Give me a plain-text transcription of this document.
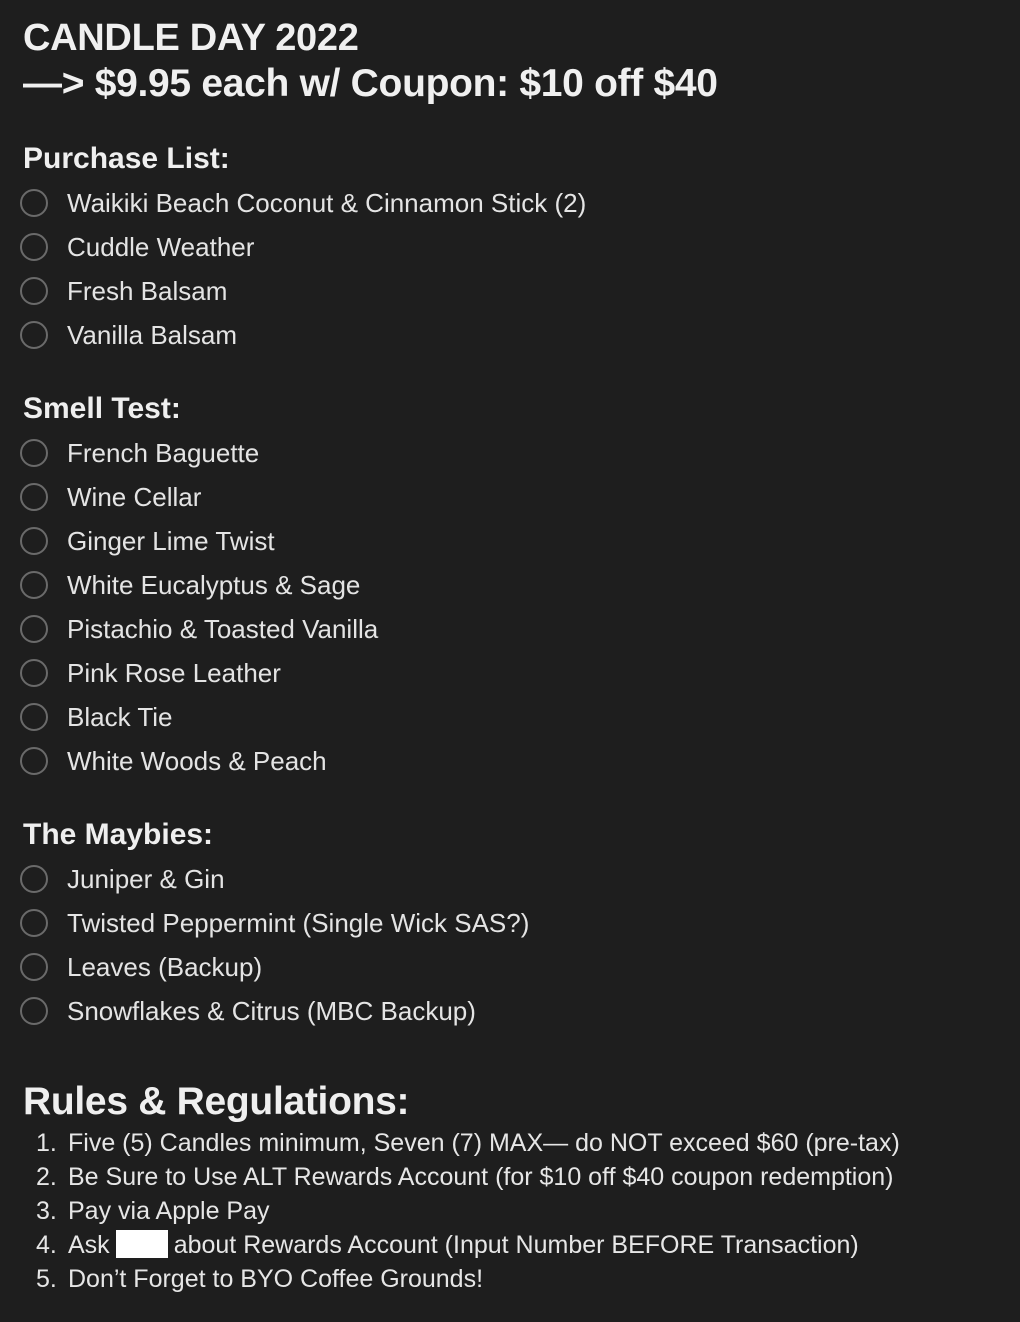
CANDLE DAY 2022
—> $9.95 each w/ Coupon: $10 off $40
Purchase List:
Waikiki Beach Coconut & Cinnamon Stick (2)
Cuddle Weather
Fresh Balsam
Vanilla Balsam
Smell Test:
French Baguette
Wine Cellar
Ginger Lime Twist
White Eucalyptus & Sage
Pistachio & Toasted Vanilla
Pink Rose Leather
Black Tie
White Woods & Peach
The Maybies:
Juniper & Gin
Twisted Peppermint (Single Wick SAS?)
Leaves (Backup)
Snowflakes & Citrus (MBC Backup)
Rules & Regulations:
1. Five (5) Candles minimum, Seven (7) MAX— do NOT exceed $60 (pre-tax)
2. Be Sure to Use ALT Rewards Account (for $10 off $40 coupon redemption)
3. Pay via Apple Pay
4. Ask	about Rewards Account (Input Number BEFORE Transaction)
5. Don’t Forget to BYO Coffee Grounds!
